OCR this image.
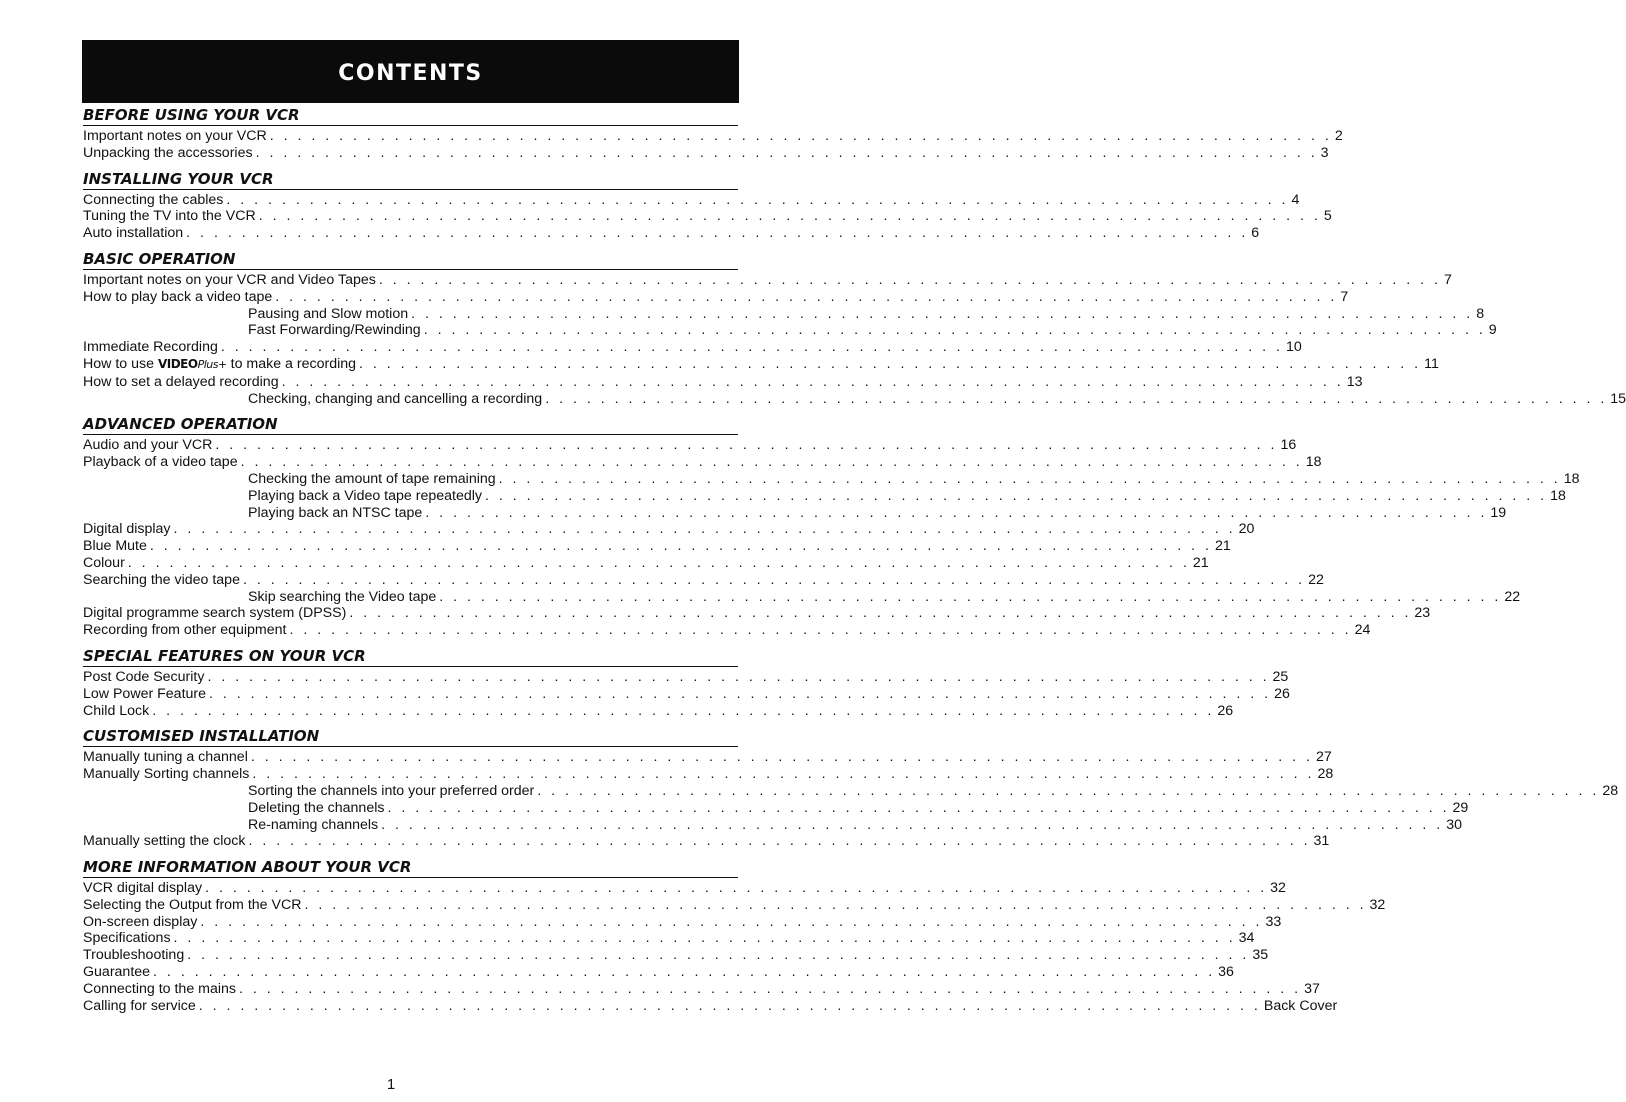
CONTENTS
BEFORE USING YOUR VCR
Important notes on your VCR . . . . . . . . . . . . . . . . . . . . . . . . . . . . . . . . . . . . . . . . . . . . . . . . . . . . . . . . . . . . . . . . . . . . . . . . . . . . . 2
Unpacking the accessories . . . . . . . . . . . . . . . . . . . . . . . . . . . . . . . . . . . . . . . . . . . . . . . . . . . . . . . . . . . . . . . . . . . . . . . . . . . . . 3
INSTALLING YOUR VCR
Connecting the cables . . . . . . . . . . . . . . . . . . . . . . . . . . . . . . . . . . . . . . . . . . . . . . . . . . . . . . . . . . . . . . . . . . . . . . . . . . . . . 4
Tuning the TV into the VCR . . . . . . . . . . . . . . . . . . . . . . . . . . . . . . . . . . . . . . . . . . . . . . . . . . . . . . . . . . . . . . . . . . . . . . . . . . . . . 5
Auto installation . . . . . . . . . . . . . . . . . . . . . . . . . . . . . . . . . . . . . . . . . . . . . . . . . . . . . . . . . . . . . . . . . . . . . . . . . . . . . 6
BASIC OPERATION
Important notes on your VCR and Video Tapes . . . . . . . . . . . . . . . . . . . . . . . . . . . . . . . . . . . . . . . . . . . . . . . . . . . . . . . . . . . . . . . . . . . . . . . . . . . . . 7
How to play back a video tape . . . . . . . . . . . . . . . . . . . . . . . . . . . . . . . . . . . . . . . . . . . . . . . . . . . . . . . . . . . . . . . . . . . . . . . . . . . . . 7
Pausing and Slow motion . . . . . . . . . . . . . . . . . . . . . . . . . . . . . . . . . . . . . . . . . . . . . . . . . . . . . . . . . . . . . . . . . . . . . . . . . . . . . 8
Fast Forwarding/Rewinding . . . . . . . . . . . . . . . . . . . . . . . . . . . . . . . . . . . . . . . . . . . . . . . . . . . . . . . . . . . . . . . . . . . . . . . . . . . . . 9
Immediate Recording . . . . . . . . . . . . . . . . . . . . . . . . . . . . . . . . . . . . . . . . . . . . . . . . . . . . . . . . . . . . . . . . . . . . . . . . . . . . . 10
How to use VIDEOPlus+ to make a recording . . . . . . . . . . . . . . . . . . . . . . . . . . . . . . . . . . . . . . . . . . . . . . . . . . . . . . . . . . . . . . . . . . . . . . . . . . . . . 11
How to set a delayed recording . . . . . . . . . . . . . . . . . . . . . . . . . . . . . . . . . . . . . . . . . . . . . . . . . . . . . . . . . . . . . . . . . . . . . . . . . . . . . 13
Checking, changing and cancelling a recording . . . . . . . . . . . . . . . . . . . . . . . . . . . . . . . . . . . . . . . . . . . . . . . . . . . . . . . . . . . . . . . . . . . . . . . . . . . . . 15
ADVANCED OPERATION
Audio and your VCR . . . . . . . . . . . . . . . . . . . . . . . . . . . . . . . . . . . . . . . . . . . . . . . . . . . . . . . . . . . . . . . . . . . . . . . . . . . . . 16
Playback of a video tape . . . . . . . . . . . . . . . . . . . . . . . . . . . . . . . . . . . . . . . . . . . . . . . . . . . . . . . . . . . . . . . . . . . . . . . . . . . . . 18
Checking the amount of tape remaining . . . . . . . . . . . . . . . . . . . . . . . . . . . . . . . . . . . . . . . . . . . . . . . . . . . . . . . . . . . . . . . . . . . . . . . . . . . . . 18
Playing back a Video tape repeatedly . . . . . . . . . . . . . . . . . . . . . . . . . . . . . . . . . . . . . . . . . . . . . . . . . . . . . . . . . . . . . . . . . . . . . . . . . . . . . 18
Playing back an NTSC tape . . . . . . . . . . . . . . . . . . . . . . . . . . . . . . . . . . . . . . . . . . . . . . . . . . . . . . . . . . . . . . . . . . . . . . . . . . . . . 19
Digital display . . . . . . . . . . . . . . . . . . . . . . . . . . . . . . . . . . . . . . . . . . . . . . . . . . . . . . . . . . . . . . . . . . . . . . . . . . . . . 20
Blue Mute . . . . . . . . . . . . . . . . . . . . . . . . . . . . . . . . . . . . . . . . . . . . . . . . . . . . . . . . . . . . . . . . . . . . . . . . . . . . . 21
Colour . . . . . . . . . . . . . . . . . . . . . . . . . . . . . . . . . . . . . . . . . . . . . . . . . . . . . . . . . . . . . . . . . . . . . . . . . . . . . 21
Searching the video tape . . . . . . . . . . . . . . . . . . . . . . . . . . . . . . . . . . . . . . . . . . . . . . . . . . . . . . . . . . . . . . . . . . . . . . . . . . . . . 22
Skip searching the Video tape . . . . . . . . . . . . . . . . . . . . . . . . . . . . . . . . . . . . . . . . . . . . . . . . . . . . . . . . . . . . . . . . . . . . . . . . . . . . . 22
Digital programme search system (DPSS) . . . . . . . . . . . . . . . . . . . . . . . . . . . . . . . . . . . . . . . . . . . . . . . . . . . . . . . . . . . . . . . . . . . . . . . . . . . . . 23
Recording from other equipment . . . . . . . . . . . . . . . . . . . . . . . . . . . . . . . . . . . . . . . . . . . . . . . . . . . . . . . . . . . . . . . . . . . . . . . . . . . . . 24
SPECIAL FEATURES ON YOUR VCR
Post Code Security . . . . . . . . . . . . . . . . . . . . . . . . . . . . . . . . . . . . . . . . . . . . . . . . . . . . . . . . . . . . . . . . . . . . . . . . . . . . . 25
Low Power Feature . . . . . . . . . . . . . . . . . . . . . . . . . . . . . . . . . . . . . . . . . . . . . . . . . . . . . . . . . . . . . . . . . . . . . . . . . . . . . 26
Child Lock . . . . . . . . . . . . . . . . . . . . . . . . . . . . . . . . . . . . . . . . . . . . . . . . . . . . . . . . . . . . . . . . . . . . . . . . . . . . . 26
CUSTOMISED INSTALLATION
Manually tuning a channel . . . . . . . . . . . . . . . . . . . . . . . . . . . . . . . . . . . . . . . . . . . . . . . . . . . . . . . . . . . . . . . . . . . . . . . . . . . . . 27
Manually Sorting channels . . . . . . . . . . . . . . . . . . . . . . . . . . . . . . . . . . . . . . . . . . . . . . . . . . . . . . . . . . . . . . . . . . . . . . . . . . . . . 28
Sorting the channels into your preferred order . . . . . . . . . . . . . . . . . . . . . . . . . . . . . . . . . . . . . . . . . . . . . . . . . . . . . . . . . . . . . . . . . . . . . . . . . . . . . 28
Deleting the channels . . . . . . . . . . . . . . . . . . . . . . . . . . . . . . . . . . . . . . . . . . . . . . . . . . . . . . . . . . . . . . . . . . . . . . . . . . . . . 29
Re-naming channels . . . . . . . . . . . . . . . . . . . . . . . . . . . . . . . . . . . . . . . . . . . . . . . . . . . . . . . . . . . . . . . . . . . . . . . . . . . . . 30
Manually setting the clock . . . . . . . . . . . . . . . . . . . . . . . . . . . . . . . . . . . . . . . . . . . . . . . . . . . . . . . . . . . . . . . . . . . . . . . . . . . . . 31
MORE INFORMATION ABOUT YOUR VCR
VCR digital display . . . . . . . . . . . . . . . . . . . . . . . . . . . . . . . . . . . . . . . . . . . . . . . . . . . . . . . . . . . . . . . . . . . . . . . . . . . . . 32
Selecting the Output from the VCR . . . . . . . . . . . . . . . . . . . . . . . . . . . . . . . . . . . . . . . . . . . . . . . . . . . . . . . . . . . . . . . . . . . . . . . . . . . . . 32
On-screen display . . . . . . . . . . . . . . . . . . . . . . . . . . . . . . . . . . . . . . . . . . . . . . . . . . . . . . . . . . . . . . . . . . . . . . . . . . . . . 33
Specifications . . . . . . . . . . . . . . . . . . . . . . . . . . . . . . . . . . . . . . . . . . . . . . . . . . . . . . . . . . . . . . . . . . . . . . . . . . . . . 34
Troubleshooting . . . . . . . . . . . . . . . . . . . . . . . . . . . . . . . . . . . . . . . . . . . . . . . . . . . . . . . . . . . . . . . . . . . . . . . . . . . . . 35
Guarantee . . . . . . . . . . . . . . . . . . . . . . . . . . . . . . . . . . . . . . . . . . . . . . . . . . . . . . . . . . . . . . . . . . . . . . . . . . . . . 36
Connecting to the mains . . . . . . . . . . . . . . . . . . . . . . . . . . . . . . . . . . . . . . . . . . . . . . . . . . . . . . . . . . . . . . . . . . . . . . . . . . . . . 37
Calling for service . . . . . . . . . . . . . . . . . . . . . . . . . . . . . . . . . . . . . . . . . . . . . . . . . . . . . . . . . . . . . . . . . . . . . . . . . . . . . Back Cover
1
